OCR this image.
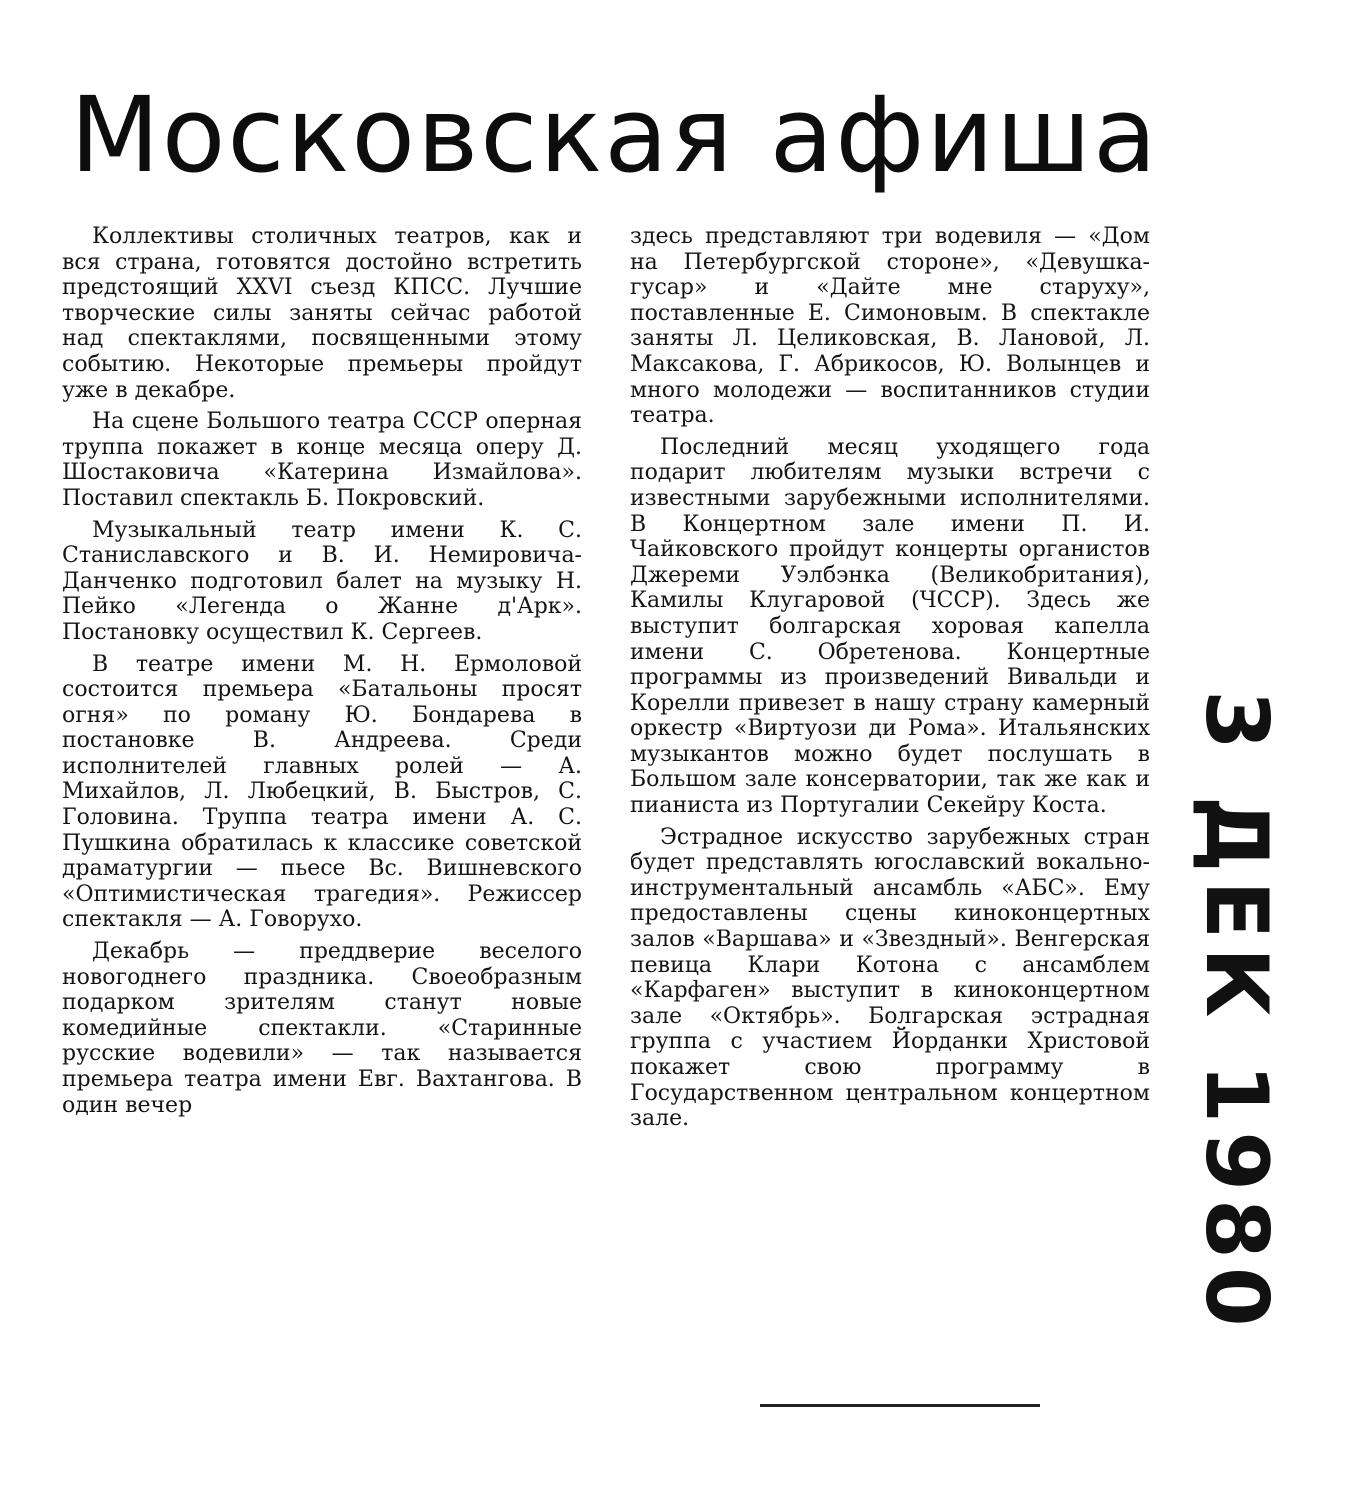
Московская афиша

Коллективы столичных театров, как и вся страна, готовятся достойно встретить предстоящий XXVI съезд КПСС. Лучшие творческие силы заняты сейчас работой над спектаклями, посвященными этому событию. Некоторые премьеры пройдут уже в декабре.

На сцене Большого театра СССР оперная труппа покажет в конце месяца оперу Д. Шостаковича «Катерина Измайлова». Поставил спектакль Б. Покровский.

Музыкальный театр имени К. С. Станиславского и В. И. Немировича-Данченко подготовил балет на музыку Н. Пейко «Легенда о Жанне д'Арк». Постановку осуществил К. Сергеев.

В театре имени М. Н. Ермоловой состоится премьера «Батальоны просят огня» по роману Ю. Бондарева в постановке В. Андреева. Среди исполнителей главных ролей — А. Михайлов, Л. Любецкий, В. Быстров, С. Головина. Труппа театра имени А. С. Пушкина обратилась к классике советской драматургии — пьесе Вс. Вишневского «Оптимистическая трагедия». Режиссер спектакля — А. Говорухо.

Декабрь — преддверие веселого новогоднего праздника. Своеобразным подарком зрителям станут новые комедийные спектакли. «Старинные русские водевили» — так называется премьера театра имени Евг. Вахтангова. В один вечер

здесь представляют три водевиля — «Дом на Петербургской стороне», «Девушка-гусар» и «Дайте мне старуху», поставленные Е. Симоновым. В спектакле заняты Л. Целиковская, В. Лановой, Л. Максакова, Г. Абрикосов, Ю. Волынцев и много молодежи — воспитанников студии театра.

Последний месяц уходящего года подарит любителям музыки встречи с известными зарубежными исполнителями. В Концертном зале имени П. И. Чайковского пройдут концерты органистов Джереми Уэлбэнка (Великобритания), Камилы Клугаровой (ЧССР). Здесь же выступит болгарская хоровая капелла имени С. Обретенова. Концертные программы из произведений Вивальди и Корелли привезет в нашу страну камерный оркестр «Виртуози ди Рома». Итальянских музыкантов можно будет послушать в Большом зале консерватории, так же как и пианиста из Португалии Секейру Коста.

Эстрадное искусство зарубежных стран будет представлять югославский вокально-инструментальный ансамбль «АБС». Ему предоставлены сцены киноконцертных залов «Варшава» и «Звездный». Венгерская певица Клари Котона с ансамблем «Карфаген» выступит в киноконцертном зале «Октябрь». Болгарская эстрадная группа с участием Йорданки Христовой покажет свою программу в Государственном центральном концертном зале.	3 ДЕК 1980
